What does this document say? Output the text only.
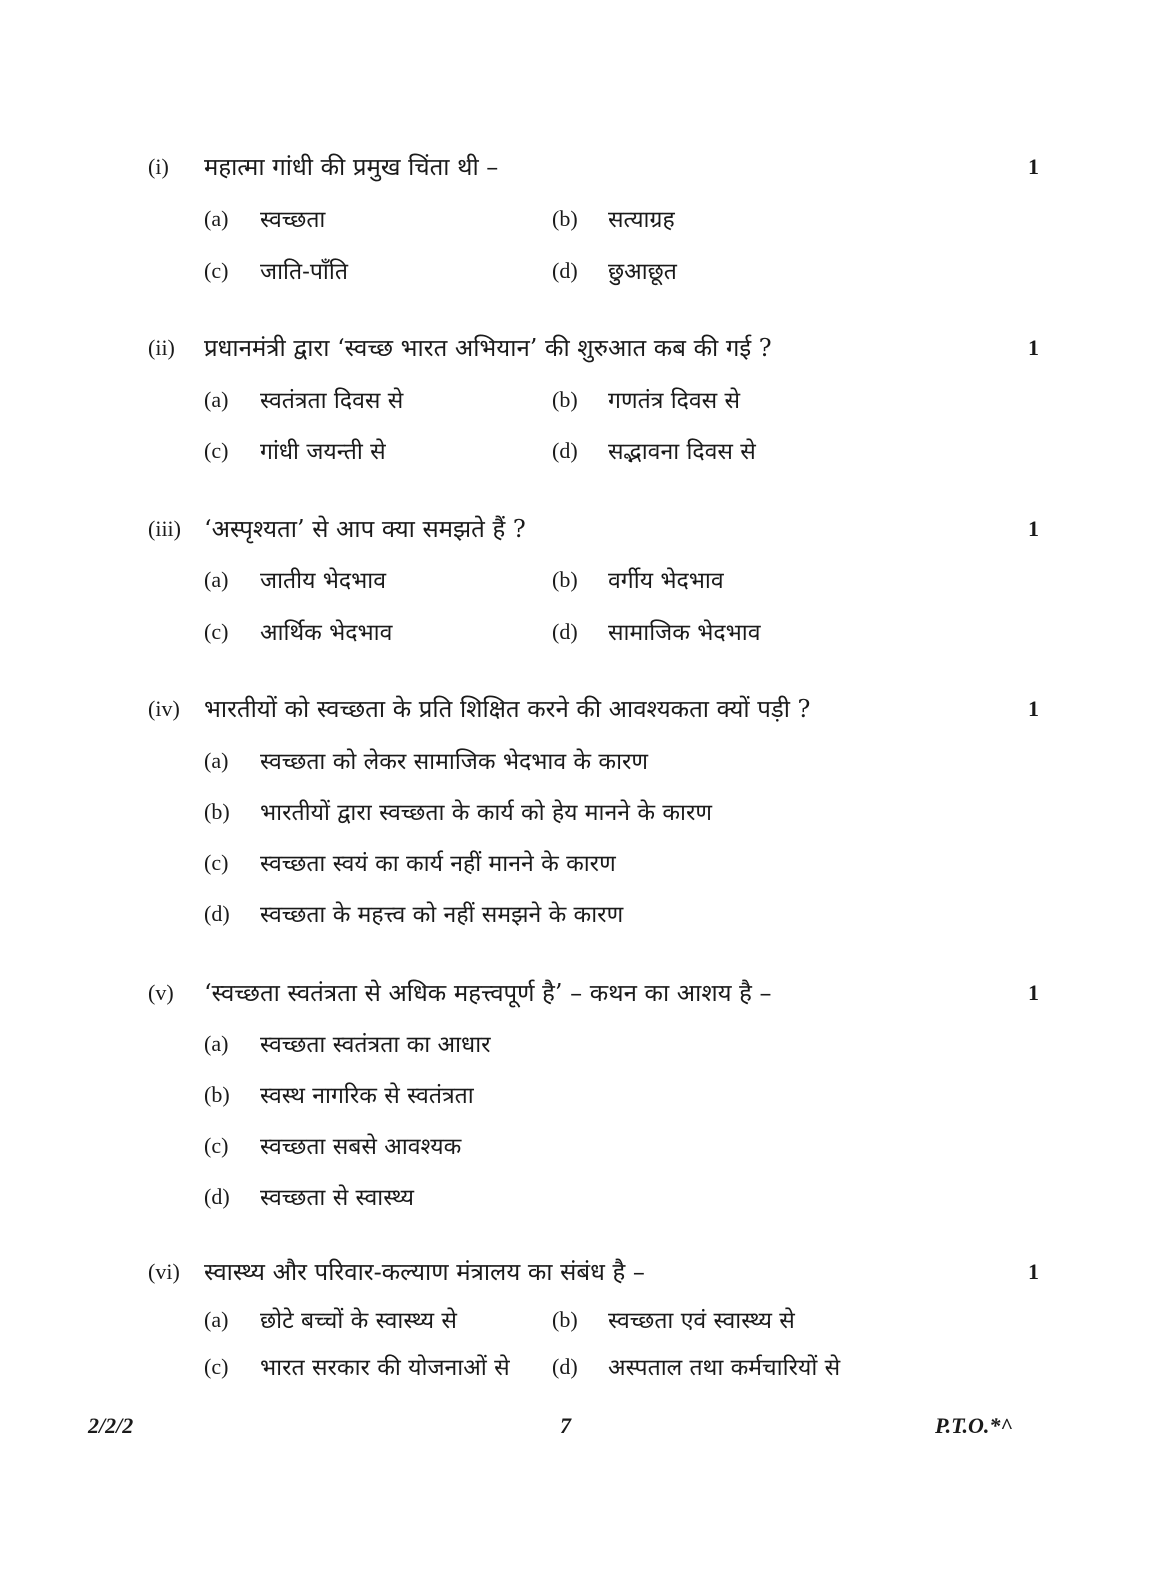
(i) महात्मा गांधी की प्रमुख चिंता थी –	1
(a) स्वच्छता	(b) सत्याग्रह
(c) जाति-पाँति	(d) छुआछूत
(ii) प्रधानमंत्री द्वारा ‘स्वच्छ भारत अभियान’ की शुरुआत कब की गई ?	1
(a) स्वतंत्रता दिवस से	(b) गणतंत्र दिवस से
(c) गांधी जयन्ती से	(d) सद्भावना दिवस से
(iii) ‘अस्पृश्यता’ से आप क्या समझते हैं ?	1
(a) जातीय भेदभाव	(b) वर्गीय भेदभाव
(c) आर्थिक भेदभाव	(d) सामाजिक भेदभाव
(iv) भारतीयों को स्वच्छता के प्रति शिक्षित करने की आवश्यकता क्यों पड़ी ?	1
(a) स्वच्छता को लेकर सामाजिक भेदभाव के कारण
(b) भारतीयों द्वारा स्वच्छता के कार्य को हेय मानने के कारण
(c) स्वच्छता स्वयं का कार्य नहीं मानने के कारण
(d) स्वच्छता के महत्त्व को नहीं समझने के कारण
(v) ‘स्वच्छता स्वतंत्रता से अधिक महत्त्वपूर्ण है’ – कथन का आशय है –	1
(a) स्वच्छता स्वतंत्रता का आधार
(b) स्वस्थ नागरिक से स्वतंत्रता
(c) स्वच्छता सबसे आवश्यक
(d) स्वच्छता से स्वास्थ्य
(vi) स्वास्थ्य और परिवार-कल्याण मंत्रालय का संबंध है –	1
(a) छोटे बच्चों के स्वास्थ्य से	(b) स्वच्छता एवं स्वास्थ्य से
(c) भारत सरकार की योजनाओं से (d) अस्पताल तथा कर्मचारियों से
2/2/2	7	P.T.O.*^
